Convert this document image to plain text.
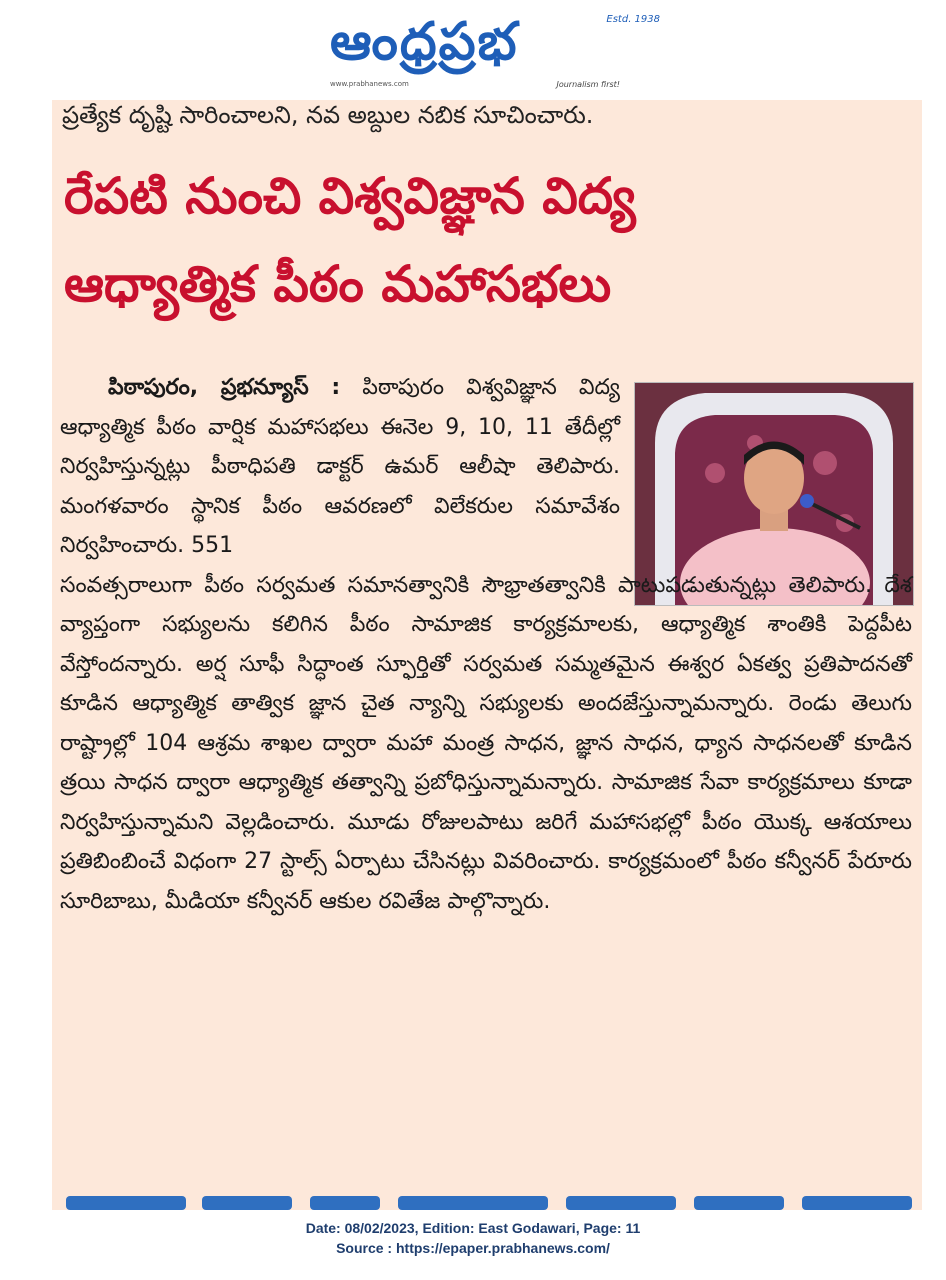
ఆంధ్రప్రభ	Estd. 1938
www.prabhanews.com	Journalism first!
ప్రత్యేక దృష్టి సారించాలని, నవ అబ్దుల నబిక సూచించారు.
రేపటి నుంచి విశ్వవిజ్ఞాన విద్య
ఆధ్యాత్మిక పీఠం మహాసభలు

పిఠాపురం, ప్రభన్యూస్ : పిఠాపురం విశ్వవిజ్ఞాన విద్య ఆధ్యాత్మిక పీఠం వార్షిక మహాసభలు ఈనెల 9, 10, 11 తేదీల్లో నిర్వహిస్తున్నట్లు పీఠాధిపతి డాక్టర్ ఉమర్ ఆలీషా తెలిపారు. మంగళవారం స్థానిక పీఠం ఆవరణలో విలేకరుల సమావేశం నిర్వహించారు. 551

సంవత్సరాలుగా పీఠం సర్వమత సమానత్వానికి సౌభ్రాతత్వానికి పాటుపడుతున్నట్లు తెలిపారు. దేశ వ్యాప్తంగా సభ్యులను కలిగిన పీఠం సామాజిక కార్యక్రమాలకు, ఆధ్యాత్మిక శాంతికి పెద్దపీట వేస్తోందన్నారు. అర్ష సూఫీ సిద్ధాంత స్ఫూర్తితో సర్వమత సమ్మతమైన ఈశ్వర ఏకత్వ ప్రతిపాదనతో కూడిన ఆధ్యాత్మిక తాత్విక జ్ఞాన చైత న్యాన్ని సభ్యులకు అందజేస్తున్నామన్నారు. రెండు తెలుగు రాష్ట్రాల్లో 104 ఆశ్రమ శాఖల ద్వారా మహా మంత్ర సాధన, జ్ఞాన సాధన, ధ్యాన సాధనలతో కూడిన త్రయి సాధన ద్వారా ఆధ్యాత్మిక తత్వాన్ని ప్రబోధిస్తున్నామన్నారు. సామాజిక సేవా కార్యక్రమాలు కూడా నిర్వహిస్తున్నామని వెల్లడించారు. మూడు రోజులపాటు జరిగే మహాసభల్లో పీఠం యొక్క ఆశయాలు ప్రతిబింబించే విధంగా 27 స్టాల్స్ ఏర్పాటు చేసినట్లు వివరించారు. కార్యక్రమంలో పీఠం కన్వీనర్ పేరూరు సూరిబాబు, మీడియా కన్వీనర్ ఆకుల రవితేజ పాల్గొన్నారు.

Date: 08/02/2023, Edition: East Godawari, Page: 11
Source : https://epaper.prabhanews.com/
